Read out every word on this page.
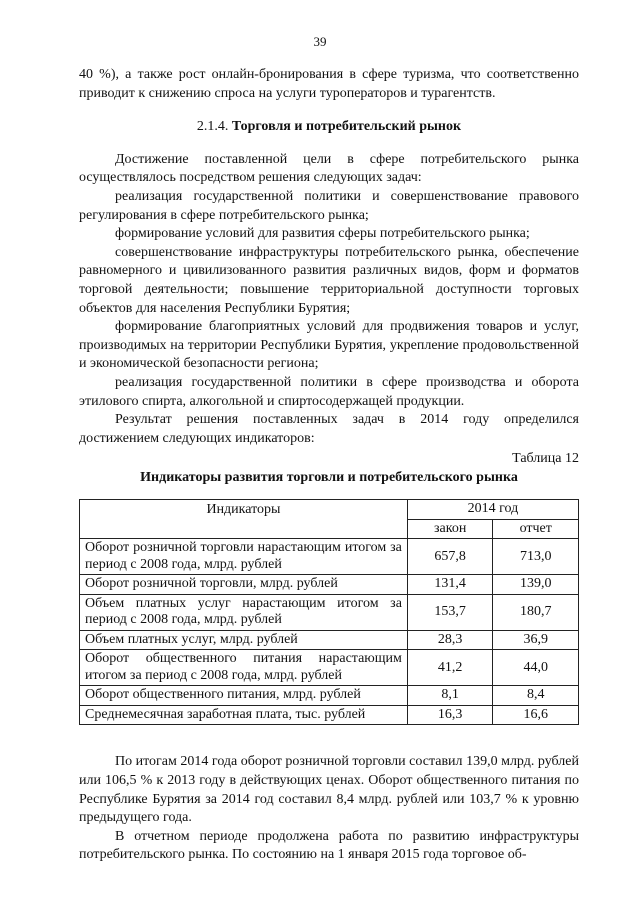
39

40 %), а также рост онлайн-бронирования в сфере туризма, что соответственно приводит к снижению спроса на услуги туроператоров и турагентств.

2.1.4. Торговля и потребительский рынок

Достижение поставленной цели в сфере потребительского рынка осуществлялось посредством решения следующих задач:

реализация государственной политики и совершенствование правового регулирования в сфере потребительского рынка;

формирование условий для развития сферы потребительского рынка;

совершенствование инфраструктуры потребительского рынка, обеспечение равномерного и цивилизованного развития различных видов, форм и форматов торговой деятельности; повышение территориальной доступности торговых объектов для населения Республики Бурятия;

формирование благоприятных условий для продвижения товаров и услуг, производимых на территории Республики Бурятия, укрепление продовольственной и экономической безопасности региона;

реализация государственной политики в сфере производства и оборота этилового спирта, алкогольной и спиртосодержащей продукции.

Результат решения поставленных задач в 2014 году определился достижением следующих индикаторов:

Таблица 12
Индикаторы развития торговли и потребительского рынка
Индикаторы	2014 год	
	закон	отчет
Оборот розничной торговли нарастающим итогом за период с 2008 года, млрд. рублей	657,8	713,0
Оборот розничной торговли, млрд. рублей	131,4	139,0
Объем платных услуг нарастающим итогом за период с 2008 года, млрд. рублей	153,7	180,7
Объем платных услуг, млрд. рублей	28,3	36,9
Оборот общественного питания нарастающим итогом за период с 2008 года, млрд. рублей	41,2	44,0
Оборот общественного питания, млрд. рублей	8,1	8,4
Среднемесячная заработная плата, тыс. рублей	16,3	16,6

По итогам 2014 года оборот розничной торговли составил 139,0 млрд. рублей или 106,5 % к 2013 году в действующих ценах. Оборот общественного питания по Республике Бурятия за 2014 год составил 8,4 млрд. рублей или 103,7 % к уровню предыдущего года.

В отчетном периоде продолжена работа по развитию инфраструктуры потребительского рынка. По состоянию на 1 января 2015 года торговое об-
